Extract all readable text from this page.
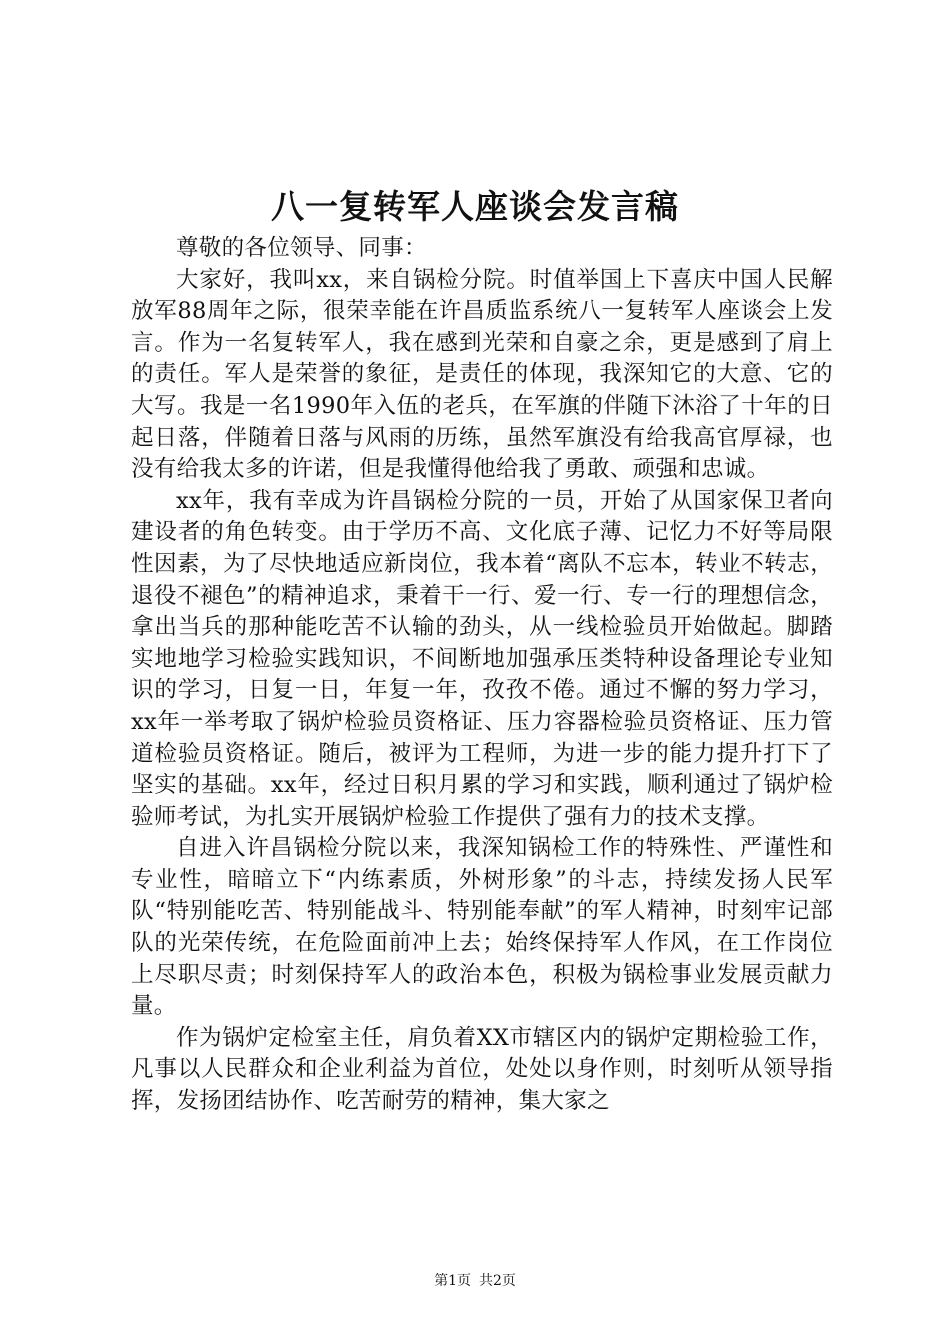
八一复转军人座谈会发言稿

尊敬的各位领导、同事：

大家好，我叫xx，来自锅检分院。时值举国上下喜庆中国人民解放军88周年之际，很荣幸能在许昌质监系统八一复转军人座谈会上发言。作为一名复转军人，我在感到光荣和自豪之余，更是感到了肩上的责任。军人是荣誉的象征，是责任的体现，我深知它的大意、它的大写。我是一名1990年入伍的老兵，在军旗的伴随下沐浴了十年的日起日落，伴随着日落与风雨的历练，虽然军旗没有给我高官厚禄，也没有给我太多的许诺，但是我懂得他给我了勇敢、顽强和忠诚。

xx年，我有幸成为许昌锅检分院的一员，开始了从国家保卫者向建设者的角色转变。由于学历不高、文化底子薄、记忆力不好等局限性因素，为了尽快地适应新岗位，我本着“离队不忘本，转业不转志，退役不褪色”的精神追求，秉着干一行、爱一行、专一行的理想信念，拿出当兵的那种能吃苦不认输的劲头，从一线检验员开始做起。脚踏实地地学习检验实践知识，不间断地加强承压类特种设备理论专业知识的学习，日复一日，年复一年，孜孜不倦。通过不懈的努力学习，xx年一举考取了锅炉检验员资格证、压力容器检验员资格证、压力管道检验员资格证。随后，被评为工程师，为进一步的能力提升打下了坚实的基础。xx年，经过日积月累的学习和实践，顺利通过了锅炉检验师考试，为扎实开展锅炉检验工作提供了强有力的技术支撑。

自进入许昌锅检分院以来，我深知锅检工作的特殊性、严谨性和专业性，暗暗立下“内练素质，外树形象”的斗志，持续发扬人民军队“特别能吃苦、特别能战斗、特别能奉献”的军人精神，时刻牢记部队的光荣传统，在危险面前冲上去；始终保持军人作风，在工作岗位上尽职尽责；时刻保持军人的政治本色，积极为锅检事业发展贡献力量。

作为锅炉定检室主任，肩负着XX市辖区内的锅炉定期检验工作，凡事以人民群众和企业利益为首位，处处以身作则，时刻听从领导指挥，发扬团结协作、吃苦耐劳的精神，集大家之

第1页 共2页
